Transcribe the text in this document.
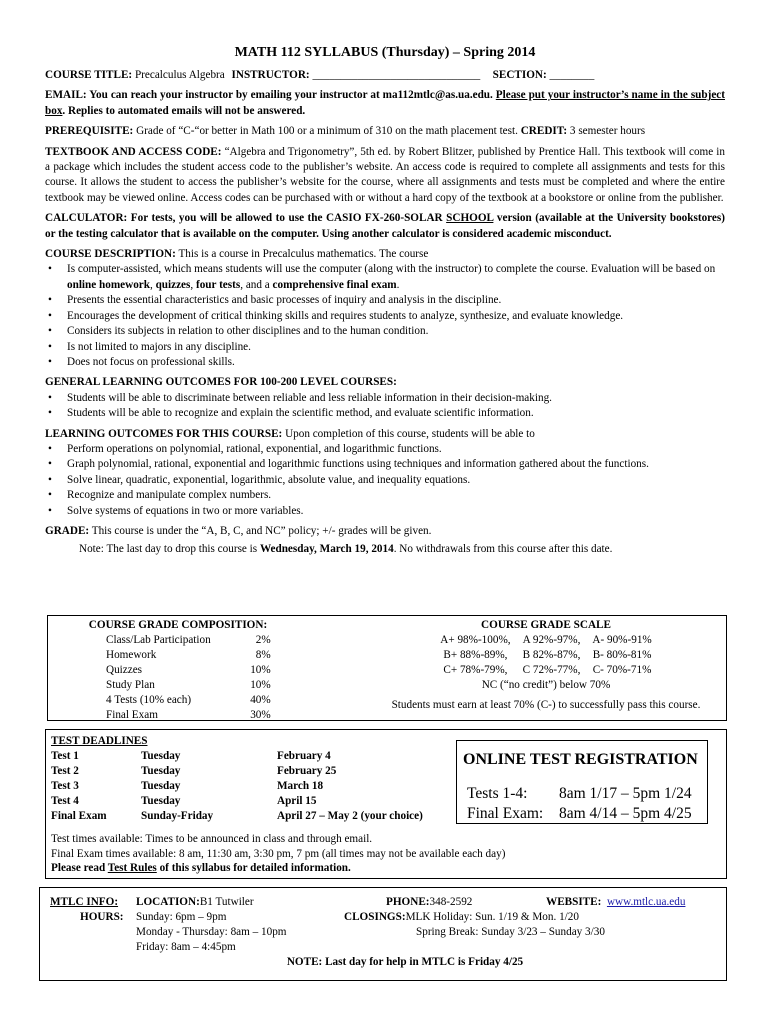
MATH 112 SYLLABUS (Thursday) – Spring 2014

COURSE TITLE: Precalculus Algebra INSTRUCTOR: ______________________________ SECTION: ________

EMAIL: You can reach your instructor by emailing your instructor at ma112mtlc@as.ua.edu. Please put your instructor’s name in the subject box. Replies to automated emails will not be answered.

PREREQUISITE: Grade of “C-“or better in Math 100 or a minimum of 310 on the math placement test. CREDIT: 3 semester hours

TEXTBOOK AND ACCESS CODE: “Algebra and Trigonometry”, 5th ed. by Robert Blitzer, published by Prentice Hall. This textbook will come in a package which includes the student access code to the publisher’s website. An access code is required to complete all assignments and tests for this course. It allows the student to access the publisher’s website for the course, where all assignments and tests must be completed and where the entire textbook may be viewed online. Access codes can be purchased with or without a hard copy of the textbook at a bookstore or online from the publisher.

CALCULATOR: For tests, you will be allowed to use the CASIO FX-260-SOLAR SCHOOL version (available at the University bookstores) or the testing calculator that is available on the computer. Using another calculator is considered academic misconduct.

COURSE DESCRIPTION: This is a course in Precalculus mathematics. The course

• Is computer-assisted, which means students will use the computer (along with the instructor) to complete the course. Evaluation will be based on online homework, quizzes, four tests, and a comprehensive final exam.
• Presents the essential characteristics and basic processes of inquiry and analysis in the discipline.
• Encourages the development of critical thinking skills and requires students to analyze, synthesize, and evaluate knowledge.
• Considers its subjects in relation to other disciplines and to the human condition.
• Is not limited to majors in any discipline.
• Does not focus on professional skills.

GENERAL LEARNING OUTCOMES FOR 100-200 LEVEL COURSES:

• Students will be able to discriminate between reliable and less reliable information in their decision-making.
• Students will be able to recognize and explain the scientific method, and evaluate scientific information.

LEARNING OUTCOMES FOR THIS COURSE: Upon completion of this course, students will be able to

• Perform operations on polynomial, rational, exponential, and logarithmic functions.
• Graph polynomial, rational, exponential and logarithmic functions using techniques and information gathered about the functions.
• Solve linear, quadratic, exponential, logarithmic, absolute value, and inequality equations.
• Recognize and manipulate complex numbers.
• Solve systems of equations in two or more variables.

GRADE: This course is under the “A, B, C, and NC” policy; +/- grades will be given.

Note: The last day to drop this course is Wednesday, March 19, 2014. No withdrawals from this course after this date.

COURSE GRADE COMPOSITION:
Class/Lab Participation	2%
Homework	8%
Quizzes	10%
Study Plan	10%
4 Tests (10% each)	40%
Final Exam	30%
COURSE GRADE SCALE
A+ 98%-100%,	A 92%-97%,	A- 90%-91%
B+ 88%-89%,	B 82%-87%,	B- 80%-81%
C+ 78%-79%,	C 72%-77%,	C- 70%-71%
NC (“no credit”) below 70%
Students must earn at least 70% (C-) to successfully pass this course.
TEST DEADLINES
Test 1	Tuesday	February 4
Test 2	Tuesday	February 25
Test 3	Tuesday	March 18
Test 4	Tuesday	April 15
Final Exam	Sunday-Friday	April 27 – May 2 (your choice)
ONLINE TEST REGISTRATION
Tests 1-4: 8am 1/17 – 5pm 1/24
Final Exam: 8am 4/14 – 5pm 4/25
Test times available: Times to be announced in class and through email.
Final Exam times available: 8 am, 11:30 am, 3:30 pm, 7 pm (all times may not be available each day)
Please read Test Rules of this syllabus for detailed information.
MTLC INFO: LOCATION: B1 Tutwiler	PHONE: 348-2592	WEBSITE: www.mtlc.ua.edu
HOURS: Sunday: 6pm – 9pm	CLOSINGS: MLK Holiday: Sun. 1/19 & Mon. 1/20
Monday - Thursday: 8am – 10pm	Spring Break: Sunday 3/23 – Sunday 3/30
Friday: 8am – 4:45pm
NOTE: Last day for help in MTLC is Friday 4/25
